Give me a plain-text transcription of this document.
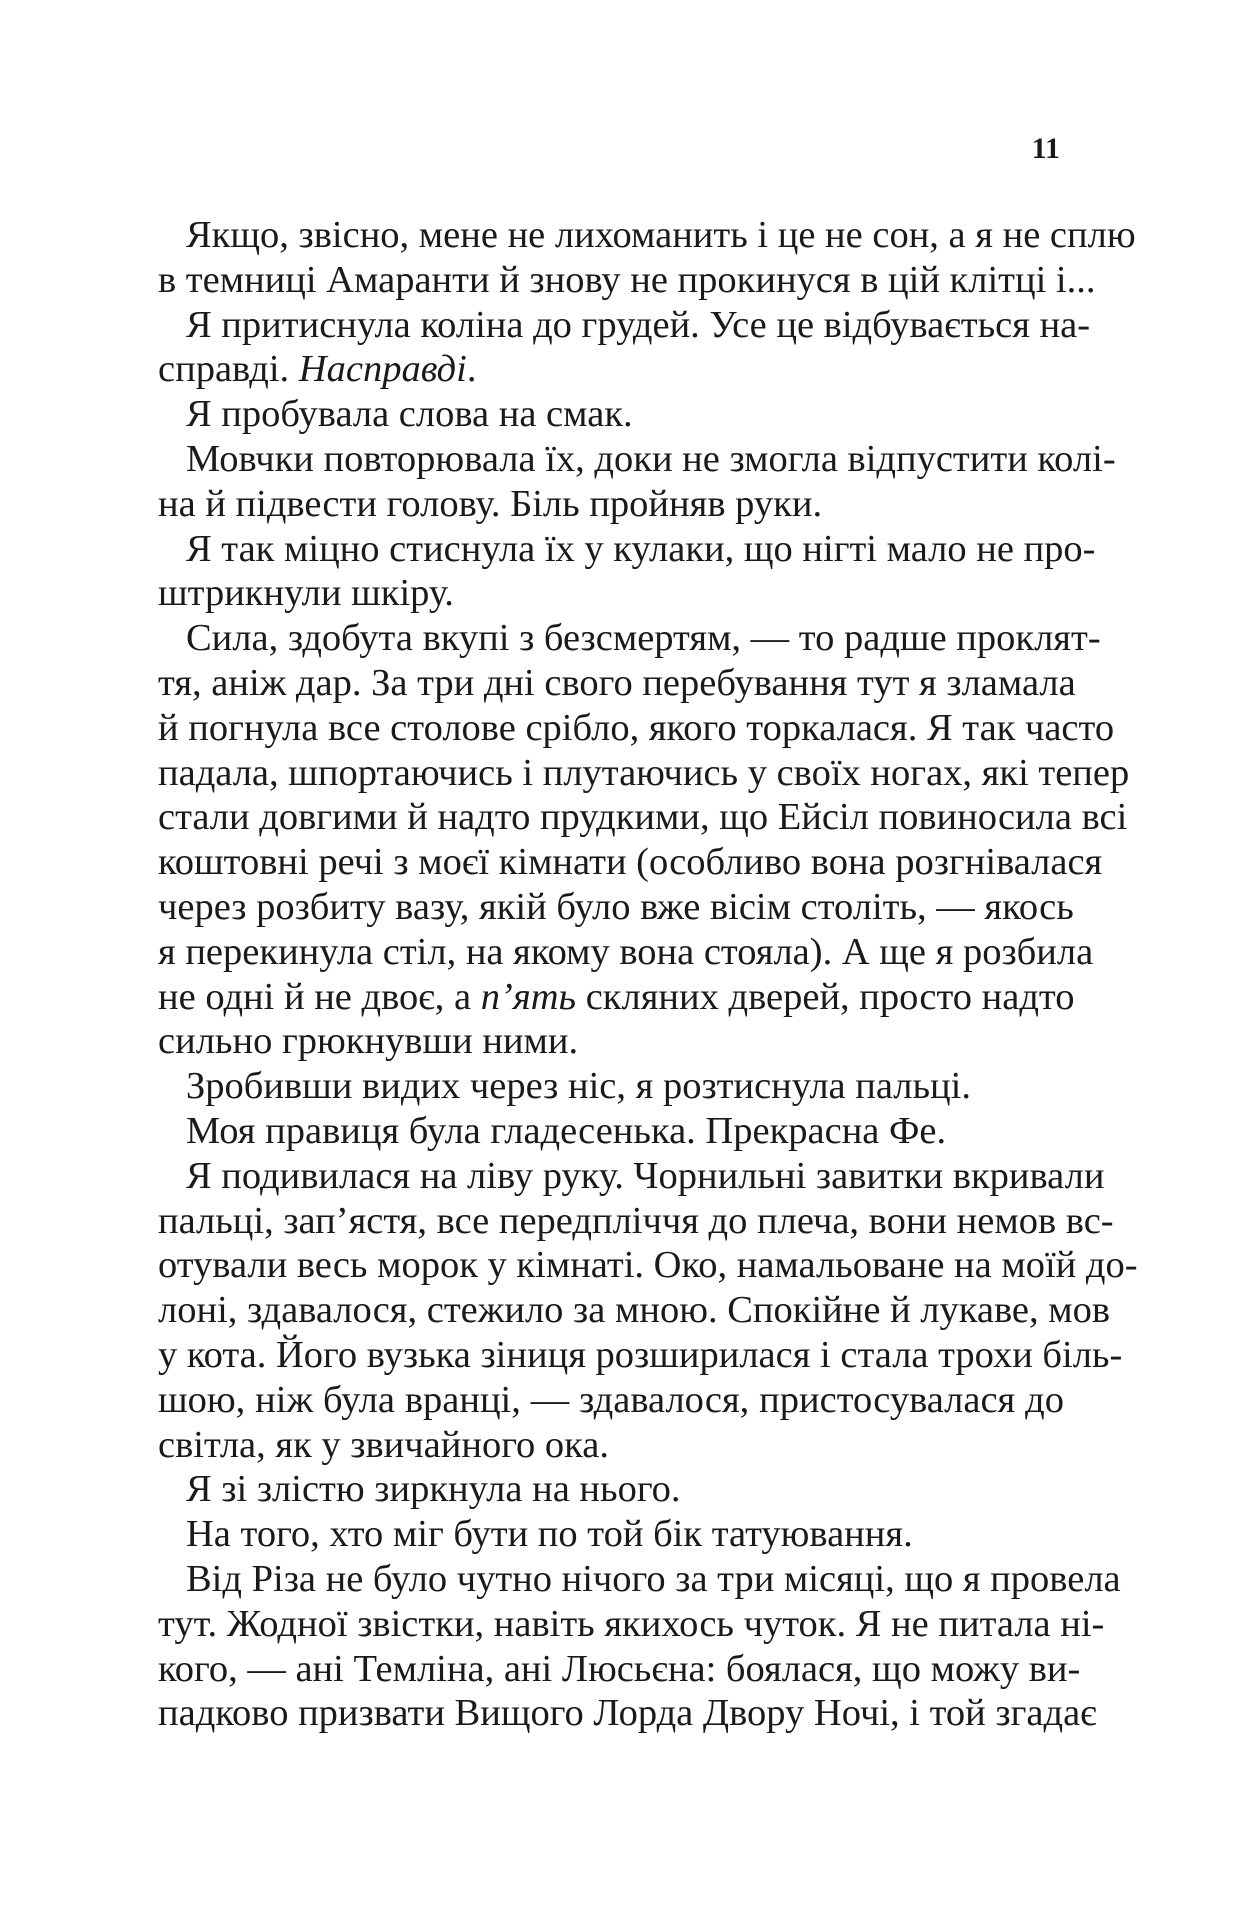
11
Якщо, звісно, мене не лихоманить і це не сон, а я не сплю
в темниці Амаранти й знову не прокинуся в цій клітці і...
Я притиснула коліна до грудей. Усе це відбувається на-
справді. Насправді.
Я пробувала слова на смак.
Мовчки повторювала їх, доки не змогла відпустити колі-
на й підвести голову. Біль пройняв руки.
Я так міцно стиснула їх у кулаки, що нігті мало не про-
штрикнули шкіру.
Сила, здобута вкупі з безсмертям, — то радше проклят-
тя, аніж дар. За три дні свого перебування тут я зламала
й погнула все столове срібло, якого торкалася. Я так часто
падала, шпортаючись і плутаючись у своїх ногах, які тепер
стали довгими й надто прудкими, що Ейсіл повиносила всі
коштовні речі з моєї кімнати (особливо вона розгнівалася
через розбиту вазу, якій було вже вісім століть, — якось
я перекинула стіл, на якому вона стояла). А ще я розбила
не одні й не двоє, а п’ять скляних дверей, просто надто
сильно грюкнувши ними.
Зробивши видих через ніс, я розтиснула пальці.
Моя правиця була гладесенька. Прекрасна Фе.
Я подивилася на ліву руку. Чорнильні завитки вкривали
пальці, зап’ястя, все передпліччя до плеча, вони немов вс-
отували весь морок у кімнаті. Око, намальоване на моїй до-
лоні, здавалося, стежило за мною. Спокійне й лукаве, мов
у кота. Його вузька зіниця розширилася і стала трохи біль-
шою, ніж була вранці, — здавалося, пристосувалася до
світла, як у звичайного ока.
Я зі злістю зиркнула на нього.
На того, хто міг бути по той бік татуювання.
Від Різа не було чутно нічого за три місяці, що я провела
тут. Жодної звістки, навіть якихось чуток. Я не питала ні-
кого, — ані Темліна, ані Люсьєна: боялася, що можу ви-
падково призвати Вищого Лорда Двору Ночі, і той згадає
